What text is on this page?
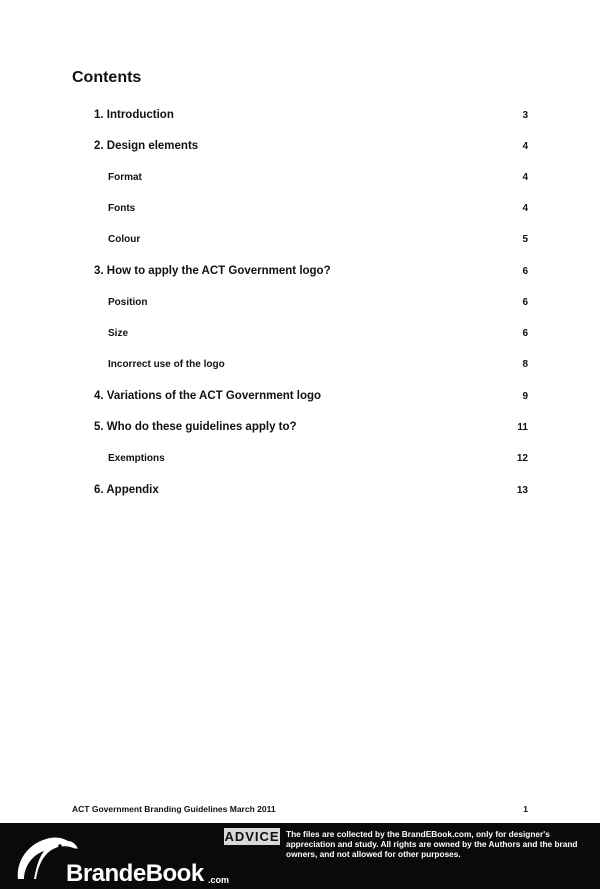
Contents
1. Introduction	3
2. Design elements	4
Format	4
Fonts	4
Colour	5
3. How to apply the ACT Government logo?	6
Position	6
Size	6
Incorrect use of the logo	8
4. Variations of the ACT Government logo	9
5. Who do these guidelines apply to?	11
Exemptions	12
6. Appendix	13
ACT Government Branding Guidelines March 2011	1
BrandeBook .com
ADVICE The files are collected by the BrandEBook.com, only for designer's appreciation and study. All rights are owned by the Authors and the brand owners, and not allowed for other purposes.
